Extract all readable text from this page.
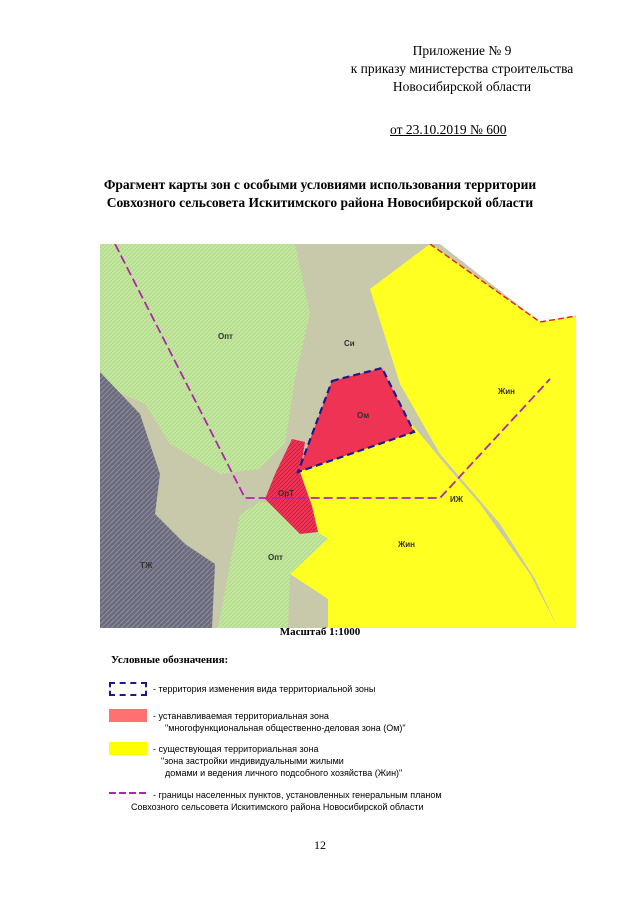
Приложение № 9
к приказу министерства строительства
Новосибирской области
от 23.10.2019 № 600
Фрагмент карты зон с особыми условиями использования территории
Совхозного сельсовета Искитимского района Новосибирской области
Опт
Си
Ом
Жин
ОрТ
ИЖ
Опт
Жин
ТЖ
Масштаб 1:1000
Условные обозначения:
- территория изменения вида территориальной зоны
- устанавливаемая территориальная зона
"многофункциональная общественно-деловая зона (Ом)"
- существующая территориальная зона
"зона застройки индивидуальными жилыми
домами и ведения личного подсобного хозяйства (Жин)"
- границы населенных пунктов, установленных генеральным планом
Совхозного сельсовета Искитимского района Новосибирской области
12
